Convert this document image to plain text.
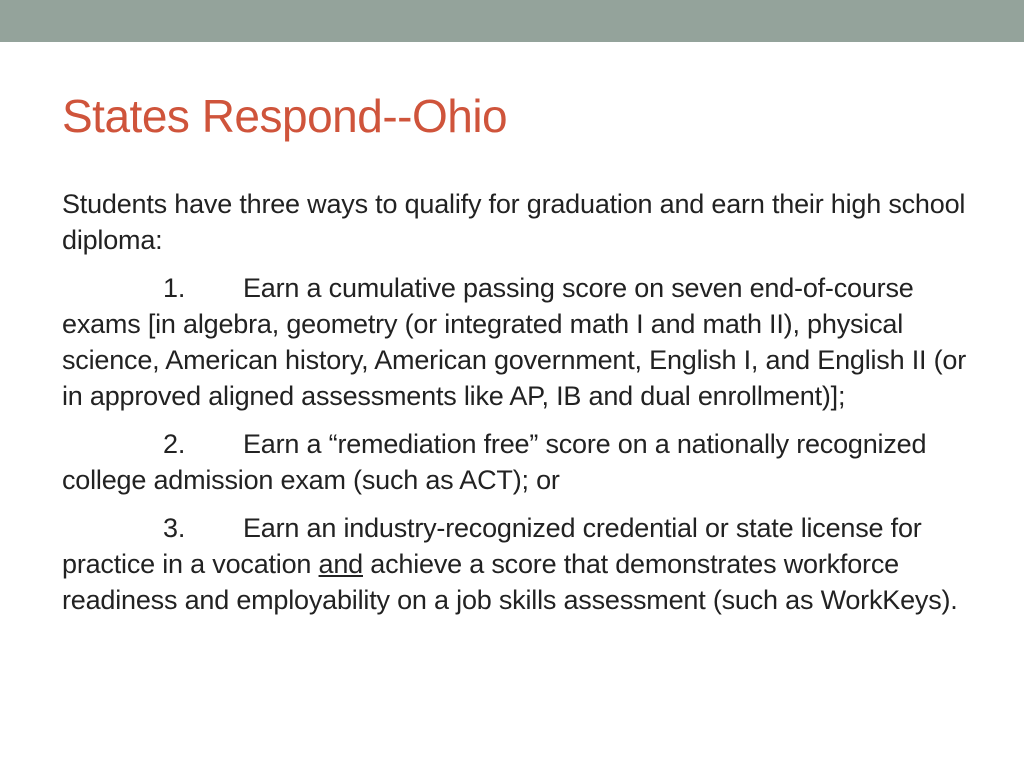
States Respond--Ohio

Students have three ways to qualify for graduation and earn their high school diploma:

1. Earn a cumulative passing score on seven end-of-course exams [in algebra, geometry (or integrated math I and math II), physical science, American history, American government, English I, and English II (or in approved aligned assessments like AP, IB and dual enrollment)];

2. Earn a “remediation free” score on a nationally recognized college admission exam (such as ACT); or

3. Earn an industry-recognized credential or state license for practice in a vocation and achieve a score that demonstrates workforce readiness and employability on a job skills assessment (such as WorkKeys).
